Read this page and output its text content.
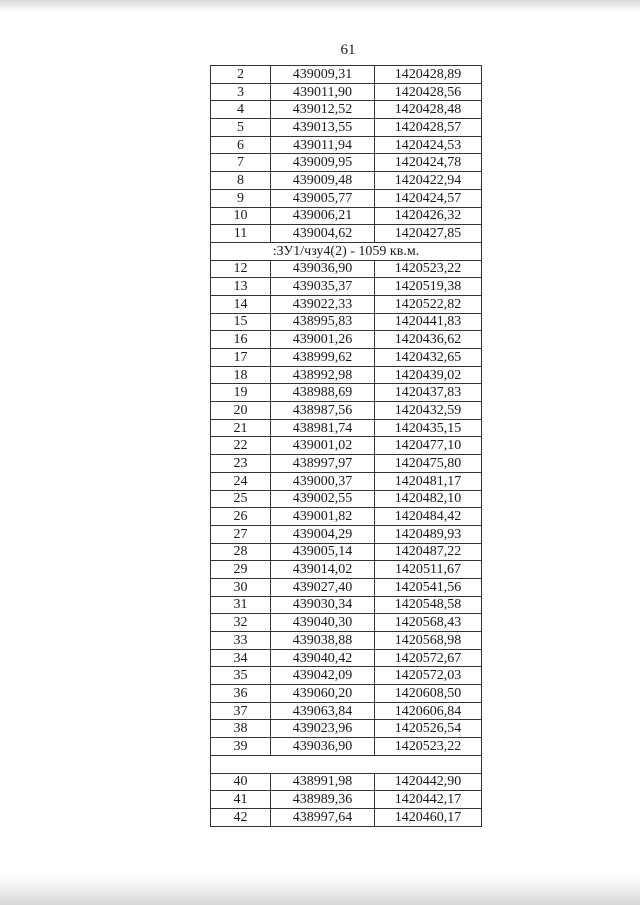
61
2	439009,31	1420428,89
3	439011,90	1420428,56
4	439012,52	1420428,48
5	439013,55	1420428,57
6	439011,94	1420424,53
7	439009,95	1420424,78
8	439009,48	1420422,94
9	439005,77	1420424,57
10	439006,21	1420426,32
11	439004,62	1420427,85
:ЗУ1/чзу4(2) - 1059 кв.м.		
12	439036,90	1420523,22
13	439035,37	1420519,38
14	439022,33	1420522,82
15	438995,83	1420441,83
16	439001,26	1420436,62
17	438999,62	1420432,65
18	438992,98	1420439,02
19	438988,69	1420437,83
20	438987,56	1420432,59
21	438981,74	1420435,15
22	439001,02	1420477,10
23	438997,97	1420475,80
24	439000,37	1420481,17
25	439002,55	1420482,10
26	439001,82	1420484,42
27	439004,29	1420489,93
28	439005,14	1420487,22
29	439014,02	1420511,67
30	439027,40	1420541,56
31	439030,34	1420548,58
32	439040,30	1420568,43
33	439038,88	1420568,98
34	439040,42	1420572,67
35	439042,09	1420572,03
36	439060,20	1420608,50
37	439063,84	1420606,84
38	439023,96	1420526,54
39	439036,90	1420523,22

40	438991,98	1420442,90
41	438989,36	1420442,17
42	438997,64	1420460,17
